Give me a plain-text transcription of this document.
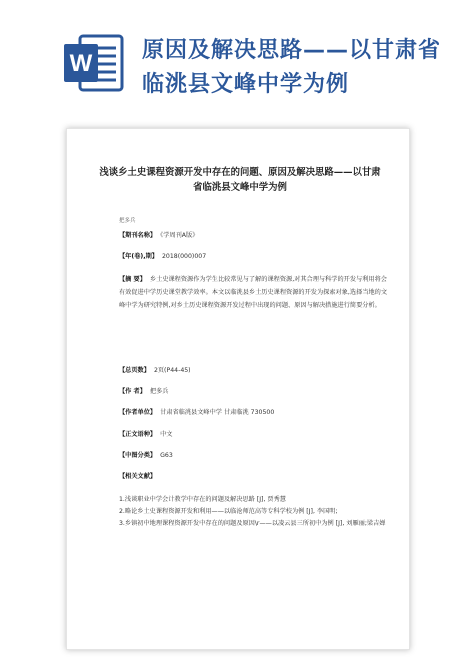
W 原因及解决思路——以甘肃省临洮县文峰中学为例
浅谈乡土史课程资源开发中存在的问题、原因及解决思路——以甘肃省临洮县文峰中学为例
把多兵
【期刊名称】 《学周刊A版》
【年(卷),期】 2018(000)007
【摘 要】 乡土史课程资源作为学生比较常见与了解的课程资源,对其合理与科学的开发与利用将会有效促进中学历史课堂教学效率。本文以临洮县乡土历史课程资源的开发为探索对象,选择当地的文峰中学为研究特例,对乡土历史课程资源开发过程中出现的问题、原因与解决措施进行简要分析。
【总页数】 2页(P44-45)
【作 者】 把多兵
【作者单位】 甘肃省临洮县文峰中学 甘肃临洮 730500
【正文语种】 中文
【中图分类】 G63
【相关文献】

1.浅谈职业中学会计教学中存在的问题及解决思路 [J], 贾秀慧

2.略论乡土史课程资源开发和利用——以临沧师范高等专科学校为例 [J], 李国明;

3.乡镇初中地理课程资源开发中存在的问题及原因\r——以凌云县三所初中为例 [J], 刘雁丽;梁吉婵
